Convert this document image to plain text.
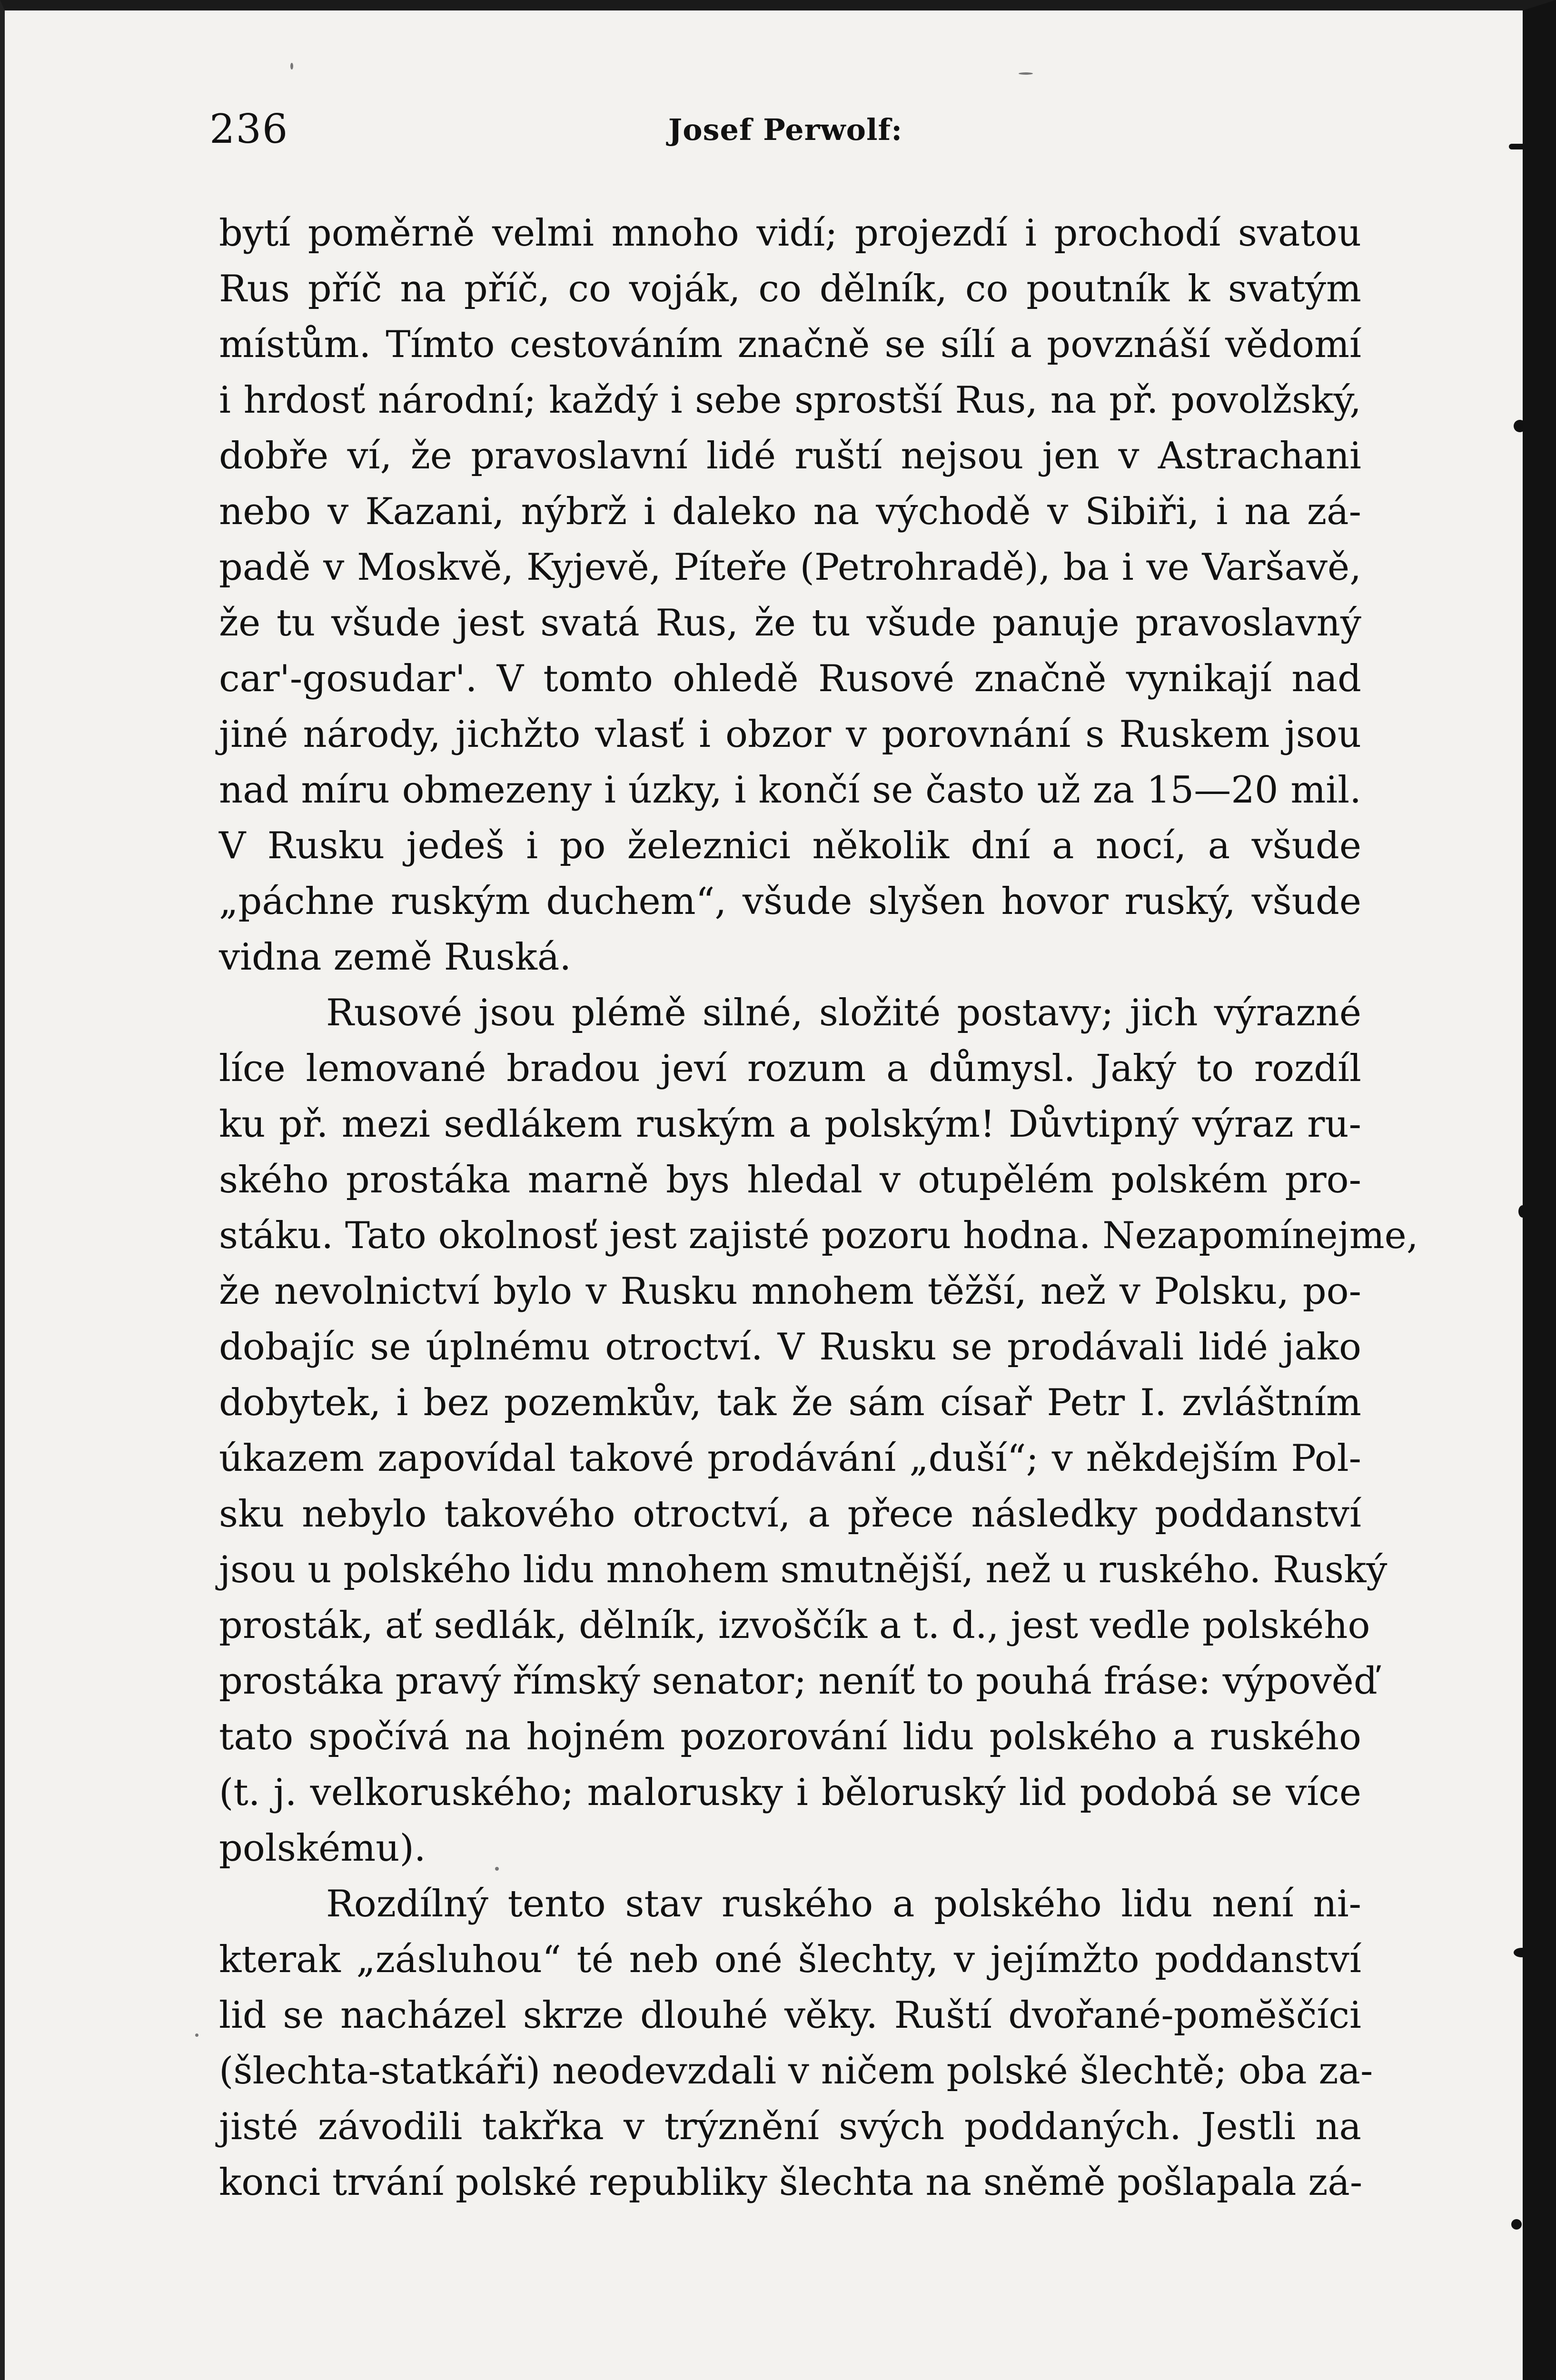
236	Josef Perwolf:
bytí poměrně velmi mnoho vidí; projezdí i prochodí svatou
Rus příč na příč, co voják, co dělník, co poutník k svatým
místům. Tímto cestováním značně se sílí a povznáší vědomí
i hrdosť národní; každý i sebe sprostší Rus, na př. povolžský,
dobře ví, že pravoslavní lidé ruští nejsou jen v Astrachani
nebo v Kazani, nýbrž i daleko na východě v Sibiři, i na zá-
padě v Moskvě, Kyjevě, Píteře (Petrohradě), ba i ve Varšavě,
že tu všude jest svatá Rus, že tu všude panuje pravoslavný
car'-gosudar'. V tomto ohledě Rusové značně vynikají nad
jiné národy, jichžto vlasť i obzor v porovnání s Ruskem jsou
nad míru obmezeny i úzky, i končí se často už za 15—20 mil.
V Rusku jedeš i po železnici několik dní a nocí, a všude
„páchne ruským duchem“, všude slyšen hovor ruský, všude
vidna země Ruská.
Rusové jsou plémě silné, složité postavy; jich výrazné
líce lemované bradou jeví rozum a důmysl. Jaký to rozdíl
ku př. mezi sedlákem ruským a polským! Důvtipný výraz ru-
ského prostáka marně bys hledal v otupělém polském pro-
stáku. Tato okolnosť jest zajisté pozoru hodna. Nezapomínejme,
že nevolnictví bylo v Rusku mnohem těžší, než v Polsku, po-
dobajíc se úplnému otroctví. V Rusku se prodávali lidé jako
dobytek, i bez pozemkův, tak že sám císař Petr I. zvláštním
úkazem zapovídal takové prodávání „duší“; v někdejším Pol-
sku nebylo takového otroctví, a přece následky poddanství
jsou u polského lidu mnohem smutnější, než u ruského. Ruský
prosták, ať sedlák, dělník, izvoščík a t. d., jest vedle polského
prostáka pravý římský senator; neníť to pouhá fráse: výpověď
tato spočívá na hojném pozorování lidu polského a ruského
(t. j. velkoruského; malorusky i běloruský lid podobá se více
polskému).
Rozdílný tento stav ruského a polského lidu není ni-
kterak „zásluhou“ té neb oné šlechty, v jejímžto poddanství
lid se nacházel skrze dlouhé věky. Ruští dvořané-pomĕščíci
(šlechta-statkáři) neodevzdali v ničem polské šlechtě; oba za-
jisté závodili takřka v trýznění svých poddaných. Jestli na
konci trvání polské republiky šlechta na sněmě pošlapala zá-
